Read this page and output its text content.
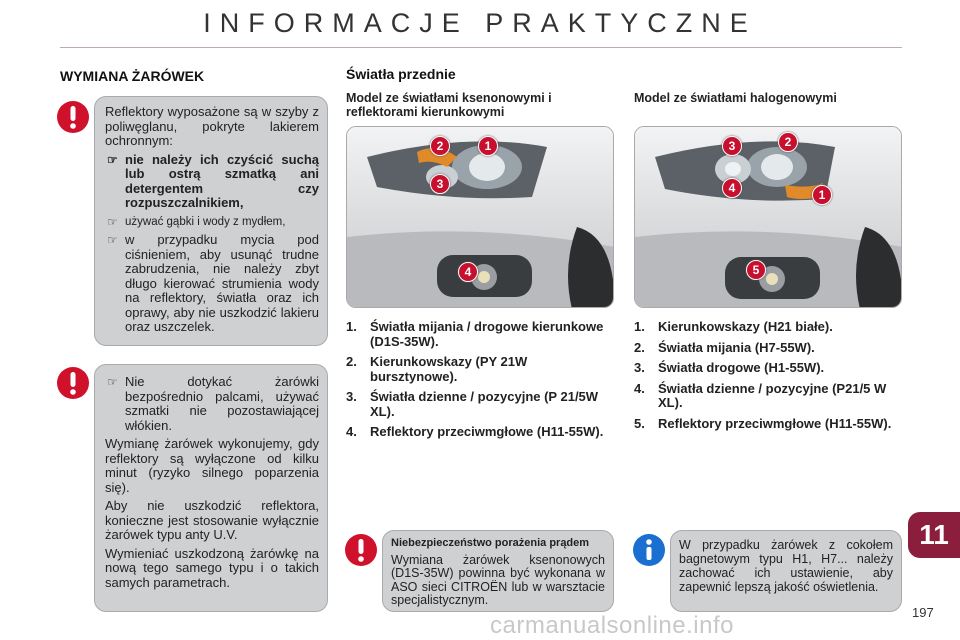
INFORMACJE PRAKTYCZNE
WYMIANA ŻARÓWEK

Reflektory wyposażone są w szyby z poliwęglanu, pokryte lakierem ochronnym:

☞ nie należy ich czyścić suchą lub ostrą szmatką ani detergentem czy rozpuszczalnikiem,
☞ używać gąbki i wody z mydłem,
☞ w przypadku mycia pod ciśnieniem, aby usunąć trudne zabrudzenia, nie należy zbyt długo kierować strumienia wody na reflektory, światła oraz ich oprawy, aby nie uszkodzić lakieru oraz uszczelek.
☞ Nie dotykać żarówki bezpośrednio palcami, używać szmatki nie pozostawiającej włókien.

Wymianę żarówek wykonujemy, gdy reflektory są wyłączone od kilku minut (ryzyko silnego poparzenia się).

Aby nie uszkodzić reflektora, konieczne jest stosowanie wyłącznie żarówek typu anty U.V.

Wymieniać uszkodzoną żarówkę na nową tego samego typu i o takich samych parametrach.

Światła przednie
Model ze światłami ksenonowymi i reflektorami kierunkowymi
Model ze światłami halogenowymi
1
2
3
4
1
2
3
4
5
1. Światła mijania / drogowe kierunkowe (D1S-35W).
2. Kierunkowskazy (PY 21W bursztynowe).
3. Światła dzienne / pozycyjne (P 21/5W XL).
4. Reflektory przeciwmgłowe (H11-55W).
1. Kierunkowskazy (H21 białe).
2. Światła mijania (H7-55W).
3. Światła drogowe (H1-55W).
4. Światła dzienne / pozycyjne (P21/5 W XL).
5. Reflektory przeciwmgłowe (H11-55W).
Niebezpieczeństwo porażenia prądem
Wymiana żarówek ksenonowych (D1S-35W) powinna być wykonana w ASO sieci CITROËN lub w warsztacie specjalistycznym.
W przypadku żarówek z cokołem bagnetowym typu H1, H7... należy zachować ich ustawienie, aby zapewnić lepszą jakość oświetlenia.
11
197
carmanualsonline.info
